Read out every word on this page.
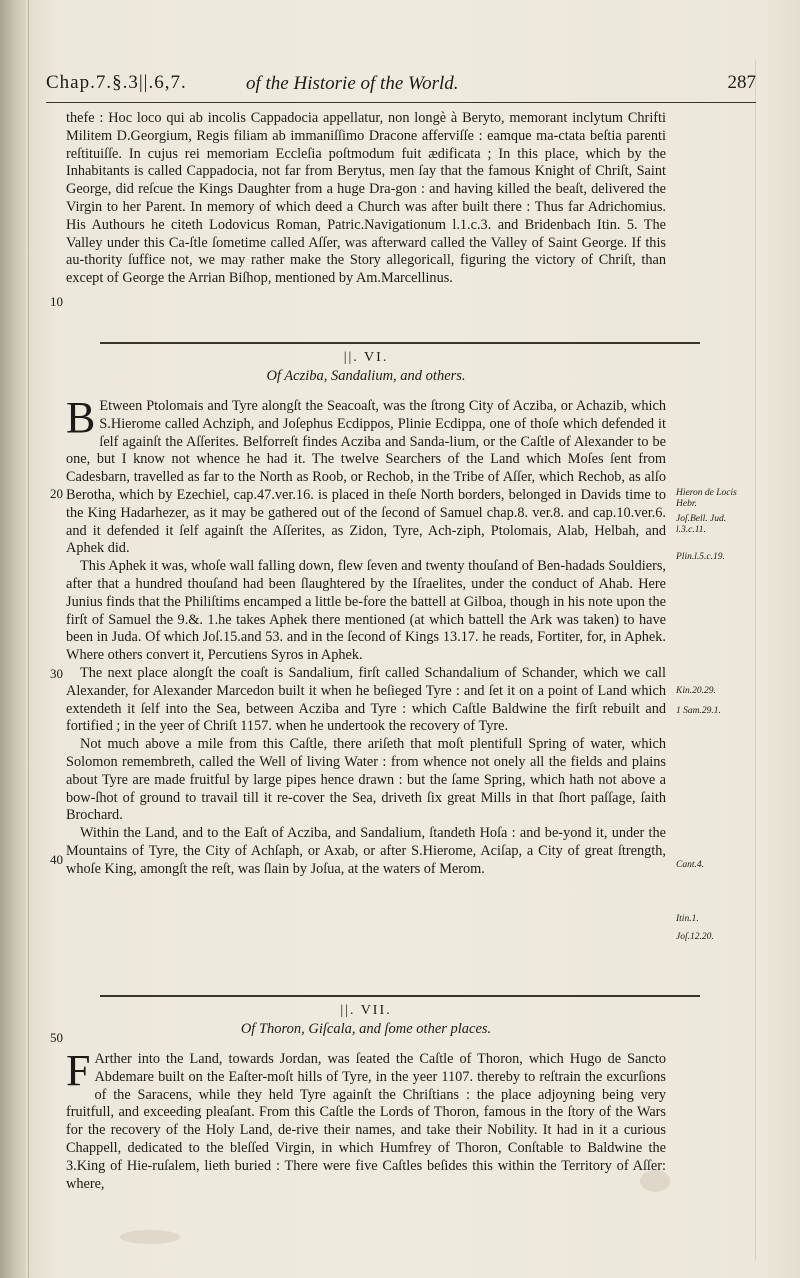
Chap.7.§.3||.6,7.	of the Historie of the World.	287

thefe : Hoc loco qui ab incolis Cappadocia appellatur, non longè à Beryto, memorant inclytum Chrifti Militem D.Georgium, Regis filiam ab immaniſſimo Dracone afferviſſe : eamque ma-ctata beſtia parenti reſtituiſſe. In cujus rei memoriam Eccleſia poſtmodum fuit ædificata ; In this place, which by the Inhabitants is called Cappadocia, not far from Berytus, men ſay that the famous Knight of Chriſt, Saint George, did reſcue the Kings Daughter from a huge Dra-gon : and having killed the beaſt, delivered the Virgin to her Parent. In memory of which deed a Church was after built there : Thus far Adrichomius. His Authours he citeth Lodovicus Roman, Patric.Navigationum l.1.c.3. and Bridenbach Itin. 5. The Valley under this Ca-ſtle ſometime called Aſſer, was afterward called the Valley of Saint George. If this au-thority ſuffice not, we may rather make the Story allegoricall, figuring the victory of Chriſt, than except of George the Arrian Biſhop, mentioned by Am.Marcellinus.

||. VI.
Of Acziba, Sandalium, and others.

B Etween Ptolomais and Tyre alongſt the Seacoaſt, was the ſtrong City of Acziba, or Achazib, which S.Hierome called Achziph, and Joſephus Ecdippos, Plinie Ecdippa, one of thoſe which defended it ſelf againſt the Aſſerites. Belforreſt findes Acziba and Sanda-lium, or the Caſtle of Alexander to be one, but I know not whence he had it. The twelve Searchers of the Land which Moſes ſent from Cadesbarn, travelled as far to the North as Roob, or Rechob, in the Tribe of Aſſer, which Rechob, as alſo Berotha, which by Ezechiel, cap.47.ver.16. is placed in theſe North borders, belonged in Davids time to the King Hadarhezer, as it may be gathered out of the ſecond of Samuel chap.8. ver.8. and cap.10.ver.6. and it defended it ſelf againſt the Aſſerites, as Zidon, Tyre, Ach-ziph, Ptolomais, Alab, Helbah, and Aphek did.

This Aphek it was, whoſe wall falling down, flew ſeven and twenty thouſand of Ben-hadads Souldiers, after that a hundred thouſand had been ſlaughtered by the Iſraelites, under the conduct of Ahab. Here Junius finds that the Philiſtims encamped a little be-fore the battell at Gilboa, though in his note upon the firſt of Samuel the 9.&. 1.he takes Aphek there mentioned (at which battell the Ark was taken) to have been in Juda. Of which Joſ.15.and 53. and in the ſecond of Kings 13.17. he reads, Fortiter, for, in Aphek. Where others convert it, Percutiens Syros in Aphek.

The next place alongſt the coaſt is Sandalium, firſt called Schandalium of Schander, which we call Alexander, for Alexander Marcedon built it when he beſieged Tyre : and ſet it on a point of Land which extendeth it ſelf into the Sea, between Acziba and Tyre : which Caſtle Baldwine the firſt rebuilt and fortified ; in the yeer of Chriſt 1157. when he undertook the recovery of Tyre.

Not much above a mile from this Caſtle, there ariſeth that moſt plentifull Spring of water, which Solomon remembreth, called the Well of living Water : from whence not onely all the fields and plains about Tyre are made fruitful by large pipes hence drawn : but the ſame Spring, which hath not above a bow-ſhot of ground to travail till it re-cover the Sea, driveth ſix great Mills in that ſhort paſſage, ſaith Brochard.

Within the Land, and to the Eaſt of Acziba, and Sandalium, ſtandeth Hoſa : and be-yond it, under the Mountains of Tyre, the City of Achſaph, or Axab, or after S.Hierome, Aciſap, a City of great ſtrength, whoſe King, amongſt the reſt, was ſlain by Joſua, at the waters of Merom.

||. VII.
Of Thoron, Giſcala, and ſome other places.

F Arther into the Land, towards Jordan, was ſeated the Caſtle of Thoron, which Hugo de Sancto Abdemare built on the Eaſter-moſt hills of Tyre, in the yeer 1107. thereby to reſtrain the excurſions of the Saracens, while they held Tyre againſt the Chriſtians : the place adjoyning being very fruitfull, and exceeding pleaſant. From this Caſtle the Lords of Thoron, famous in the ſtory of the Wars for the recovery of the Holy Land, de-rive their names, and take their Nobility. It had in it a curious Chappell, dedicated to the bleſſed Virgin, in which Humfrey of Thoron, Conſtable to Baldwine the 3.King of Hie-ruſalem, lieth buried : There were five Caſtles beſides this within the Territory of Aſſer: where,

10
20
30
40
50
Hieron de Locis Hebr.
Joſ.Bell. Jud. l.3.c.11.
Plin.l.5.c.19.
Kin.20.29.
1 Sam.29.1.
Cant.4.
Itin.1.
Joſ.12.20.
